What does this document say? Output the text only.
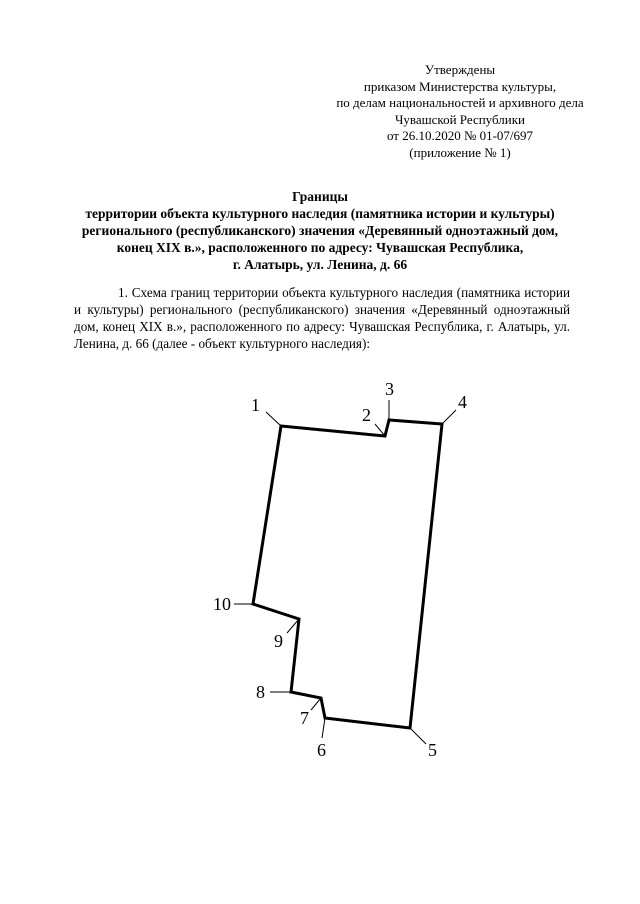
Утверждены
приказом Министерства культуры,
по делам национальностей и архивного дела
Чувашской Республики
от 26.10.2020 № 01-07/697
(приложение № 1)
Границы
территории объекта культурного наследия (памятника истории и культуры)
регионального (республиканского) значения «Деревянный одноэтажный дом,
конец XIX в.», расположенного по адресу: Чувашская Республика,
г. Алатырь, ул. Ленина, д. 66

1. Схема границ территории объекта культурного наследия (памятника истории и культуры) регионального (республиканского) значения «Деревянный одноэтажный дом, конец XIX в.», расположенного по адресу: Чувашская Республика, г. Алатырь, ул. Ленина, д. 66 (далее - объект культурного наследия):

1	2
3
4
5
6
7
8
9
10
